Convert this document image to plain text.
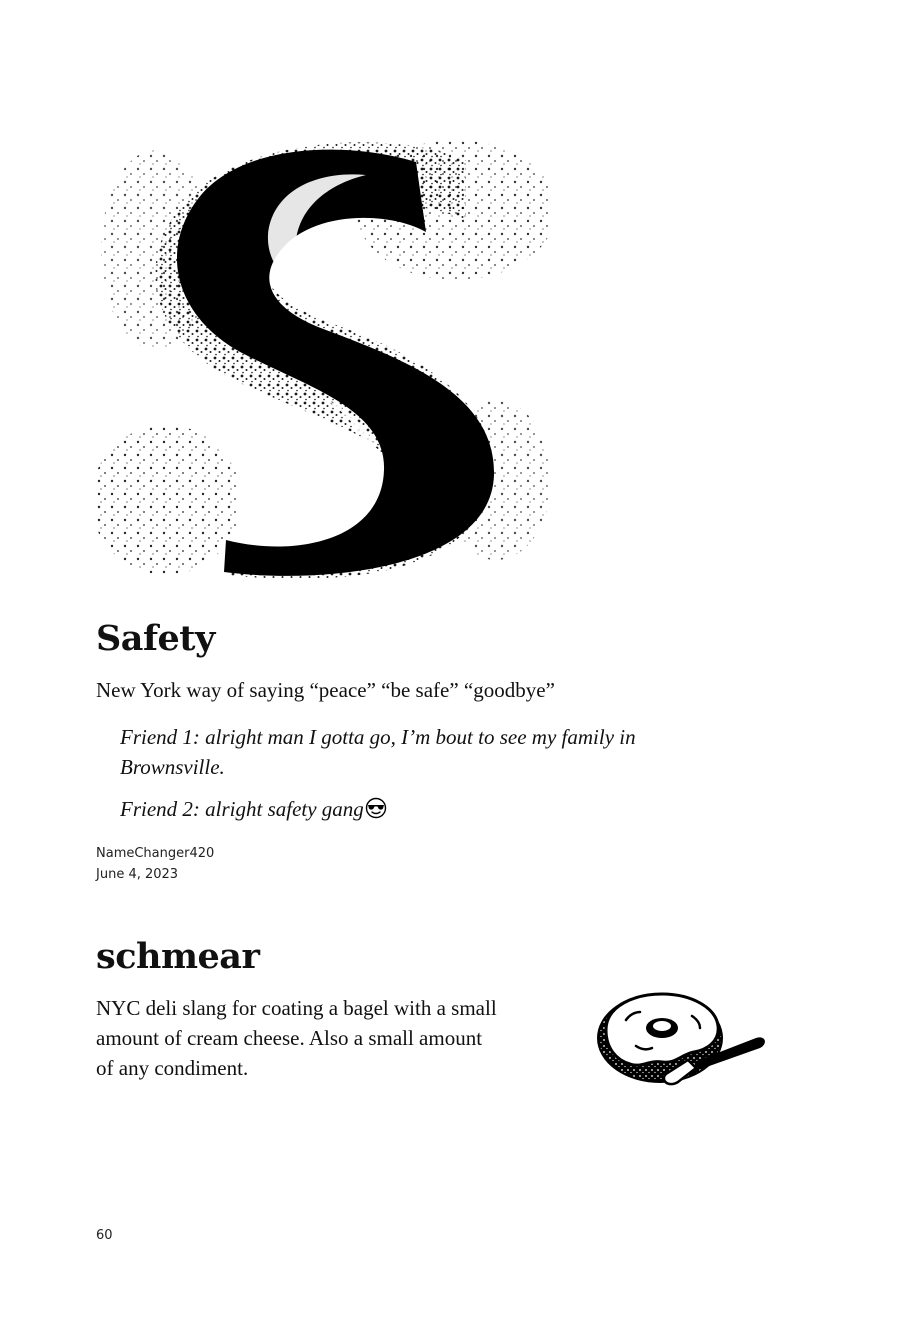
Safety

New York way of saying “peace” “be safe” “goodbye”

Friend 1: alright man I gotta go, I’m bout to see my family in

Brownsville.

Friend 2: alright safety gang

NameChanger420

June 4, 2023

schmear

NYC deli slang for coating a bagel with a small

amount of cream cheese. Also a small amount

of any condiment.

60
